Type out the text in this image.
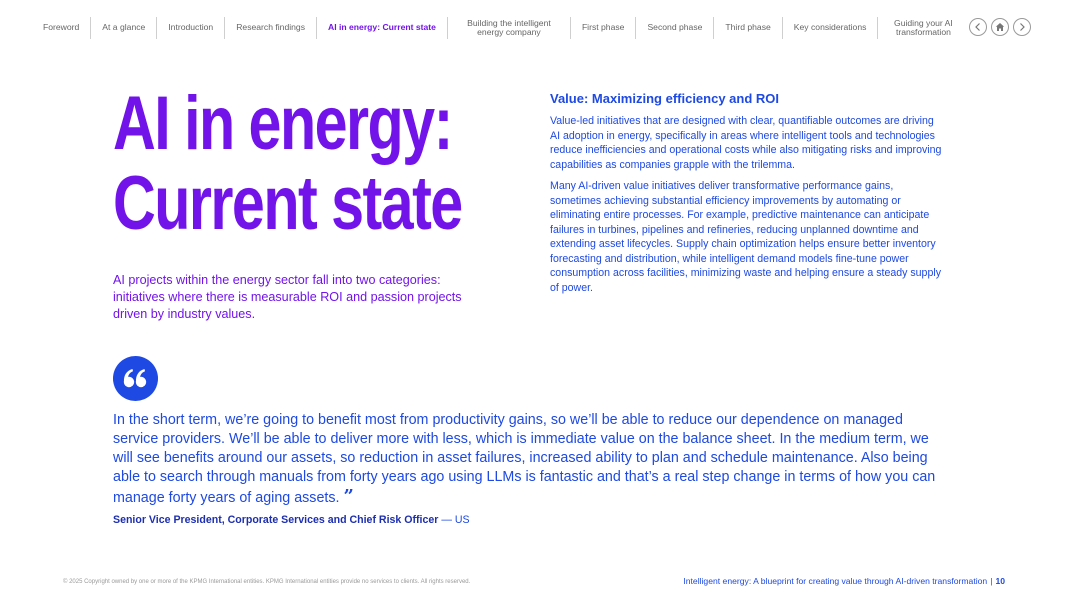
Foreword	At a glance	Introduction	Research findings	AI in energy: Current state	Building the intelligent energy company	First phase	Second phase	Third phase	Key considerations	Guiding your AI transformation
AI in energy:
Current state

AI projects within the energy sector fall into two categories: initiatives where there is measurable ROI and passion projects driven by industry values.

Value: Maximizing efficiency and ROI

Value-led initiatives that are designed with clear, quantifiable outcomes are driving AI adoption in energy, specifically in areas where intelligent tools and technologies reduce inefficiencies and operational costs while also mitigating risks and improving capabilities as companies grapple with the trilemma.

Many AI-driven value initiatives deliver transformative performance gains, sometimes achieving substantial efficiency improvements by automating or eliminating entire processes. For example, predictive maintenance can anticipate failures in turbines, pipelines and refineries, reducing unplanned downtime and extending asset lifecycles. Supply chain optimization helps ensure better inventory forecasting and distribution, while intelligent demand models fine-tune power consumption across facilities, minimizing waste and helping ensure a steady supply of power.

In the short term, we’re going to benefit most from productivity gains, so we’ll be able to reduce our dependence on managed service providers. We’ll be able to deliver more with less, which is immediate value on the balance sheet. In the medium term, we will see benefits around our assets, so reduction in asset failures, increased ability to plan and schedule maintenance. Also being able to search through manuals from forty years ago using LLMs is fantastic and that’s a real step change in terms of how you can manage forty years of aging assets. ”

Senior Vice President, Corporate Services and Chief Risk Officer — US
© 2025 Copyright owned by one or more of the KPMG International entities. KPMG International entities provide no services to clients. All rights reserved.	Intelligent energy: A blueprint for creating value through AI-driven transformation | 10
